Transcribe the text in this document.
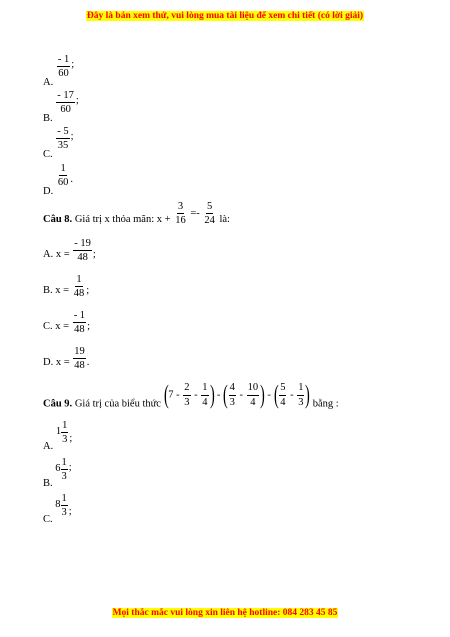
Đây là bản xem thử, vui lòng mua tài liệu để xem chi tiết (có lời giải)
A.
$\frac{- 1}{60}$ ;
B.
$\frac{- 17}{60}$ ;
C.
$\frac{- 5}{35}$ ;
D.
$\frac{1}{60}$ .
Câu 8. Giá trị x thỏa mãn: $x + \frac{3}{16} =- \frac{5}{24}$ là:
A. $x = \frac{- 19}{48}$ ;
B. $x = \frac{1}{48}$ ;
C. $x = \frac{- 1}{48}$ ;
D. $x = \frac{19}{48}$ .
Câu 9. Giá trị của biểu thức ($7 - \frac{2}{3} - \frac{1}{4}$ ) - ( $\frac{4}{3} - \frac{10}{4}$ ) - ( $\frac{5}{4} - \frac{1}{3}$ ) bằng :
A. $1 \frac{1}{3}$ ;
B. $6 \frac{1}{3}$ ;
C. $8 \frac{1}{3}$ ;
Mọi thắc mắc vui lòng xin liên hệ hotline: 084 283 45 85
